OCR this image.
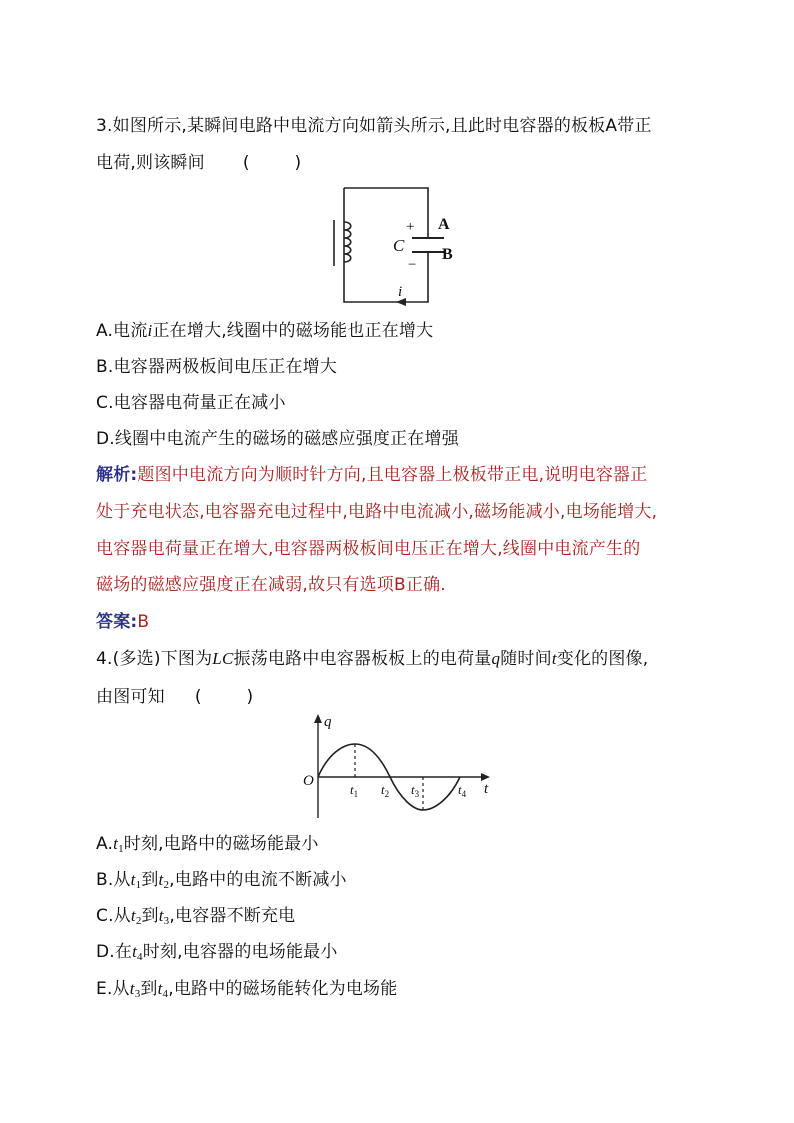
3.如图所示,某瞬间电路中电流方向如箭头所示,且此时电容器的板板A带正
电荷,则该瞬间 (        )
i
+
−
C
A
B
A.电流i正在增大,线圈中的磁场能也正在增大
B.电容器两极板间电压正在增大
C.电容器电荷量正在减小
D.线圈中电流产生的磁场的磁感应强度正在增强
解析:题图中电流方向为顺时针方向,且电容器上极板带正电,说明电容器正
处于充电状态,电容器充电过程中,电路中电流减小,磁场能减小,电场能增大,
电容器电荷量正在增大,电容器两极板间电压正在增大,线圈中电流产生的
磁场的磁感应强度正在减弱,故只有选项B正确.
答案:B
4.(多选)下图为LC振荡电路中电容器板板上的电荷量q随时间t变化的图像,
由图可知 (        )
q
t
O
$t_1$ $t_2$ $t_3$	$t_4$
$A.t_1$时刻,电路中的磁场能最小
B.从$t_1$到$t_2$,电路中的电流不断减小
C.从$t_2$到$t_3$,电容器不断充电
D.在$t_4$时刻,电容器的电场能最小
E.从$t_3$到$t_4$,电路中的磁场能转化为电场能
